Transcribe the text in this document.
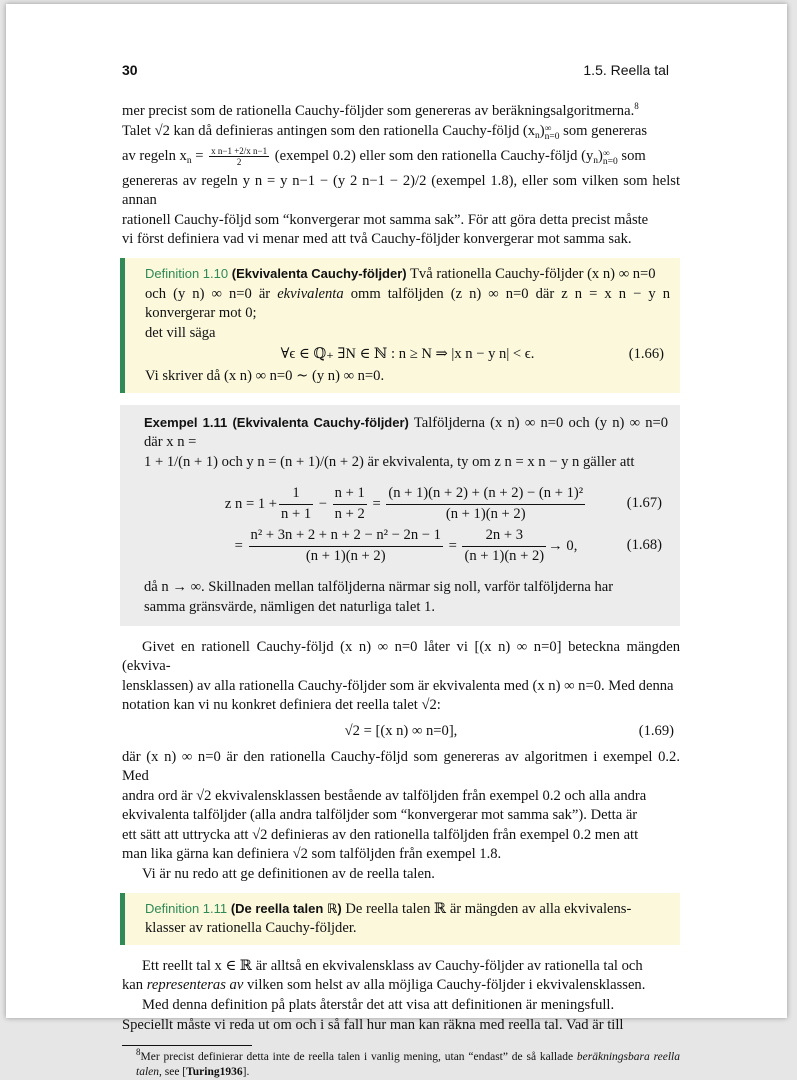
30	1.5. Reella tal

mer precist som de rationella Cauchy-följder som genereras av beräkningsalgoritmerna.$^8$

Talet √2 kan då definieras antingen som den rationella Cauchy-följd $(x_n)\infty$
n=0 som genereras

av regeln $x_n = \frac{\text{x n−1 +2/x n−1}}{2}$ (exempel 0.2) eller som den rationella Cauchy-följd $(y_n)\infty$
n=0 som

genereras av regeln y n = y n−1 − (y 2 n−1 − 2)/2 (exempel 1.8), eller som vilken som helst annan

rationell Cauchy-följd som “konvergerar mot samma sak”. För att göra detta precist måste

vi först definiera vad vi menar med att två Cauchy-följder konvergerar mot samma sak.

Definition 1.10 (Ekvivalenta Cauchy-följder) Två rationella Cauchy-följder (x n) ∞ n=0

och (y n) ∞ n=0 är ekvivalenta omm talföljden (z n) ∞ n=0 där z n = x n − y n konvergerar mot 0;

det vill säga

∀ϵ ∈ ℚ₊ ∃N ∈ ℕ : n ≥ N ⇒ |x n − y n| < ϵ.	(1.66)

Vi skriver då (x n) ∞ n=0 ∼ (y n) ∞ n=0.

Exempel 1.11 (Ekvivalenta Cauchy-följder) Talföljderna (x n) ∞ n=0 och (y n) ∞ n=0 där x n =

1 + 1/(n + 1) och y n = (n + 1)/(n + 2) är ekvivalenta, ty om z n = x n − y n gäller att

z $n = 1 + \frac{1}{n + 1} - \frac{n + 1}{n + 2} = \frac{\text{(n + 1)(n + 2) + (n + 2) − (n + 1)²}}{(n + 1)(n + 2)}$	(1.67)
= $\frac{\text{n² + 3n + 2 + n + 2 − n² − 2n − 1}}{(n + 1)(n + 2)} = \frac{2n + 3}{(n + 1)(n + 2)} \to 0$,	(1.68)

då n → ∞. Skillnaden mellan talföljderna närmar sig noll, varför talföljderna har

samma gränsvärde, nämligen det naturliga talet 1.

Givet en rationell Cauchy-följd (x n) ∞ n=0 låter vi [(x n) ∞ n=0] beteckna mängden (ekviva-

lensklassen) av alla rationella Cauchy-följder som är ekvivalenta med (x n) ∞ n=0. Med denna

notation kan vi nu konkret definiera det reella talet √2:

√2 = [(x n) ∞ n=0],	(1.69)

där (x n) ∞ n=0 är den rationella Cauchy-följd som genereras av algoritmen i exempel 0.2. Med

andra ord är √2 ekvivalensklassen bestående av talföljden från exempel 0.2 och alla andra

ekvivalenta talföljder (alla andra talföljder som “konvergerar mot samma sak”). Detta är

ett sätt att uttrycka att √2 definieras av den rationella talföljden från exempel 0.2 men att

man lika gärna kan definiera √2 som talföljden från exempel 1.8.

Vi är nu redo att ge definitionen av de reella talen.

Definition 1.11 (De reella talen ℝ) De reella talen ℝ är mängden av alla ekvivalens-

klasser av rationella Cauchy-följder.

Ett reellt tal x ∈ ℝ är alltså en ekvivalensklass av Cauchy-följder av rationella tal och

kan representeras av vilken som helst av alla möjliga Cauchy-följder i ekvivalensklassen.

Med denna definition på plats återstår det att visa att definitionen är meningsfull.

Speciellt måste vi reda ut om och i så fall hur man kan räkna med reella tal. Vad är till

$^8$Mer precist definierar detta inte de reella talen i vanlig mening, utan “endast” de så kallade beräkningsbara reella talen, see [Turing1936].
